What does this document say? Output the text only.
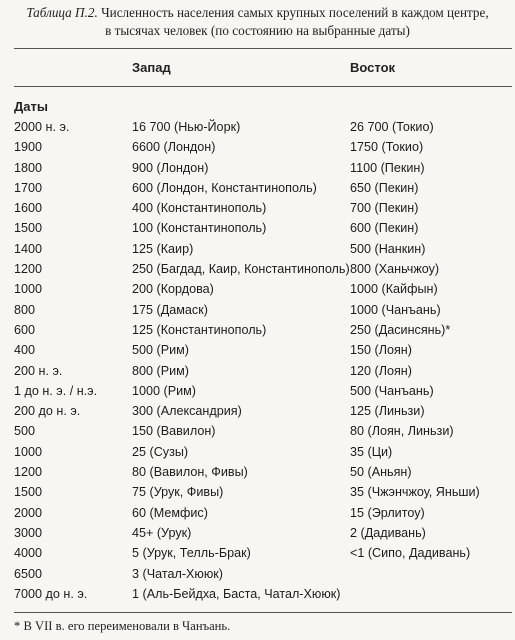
Таблица П.2. Численность населения самых крупных поселений в каждом центре,
в тысячах человек (по состоянию на выбранные даты)
Запад	Восток
Даты
2000 н. э.	16 700 (Нью-Йорк)	26 700 (Токио)
1900	6600 (Лондон)	1750 (Токио)
1800	900 (Лондон)	1100 (Пекин)
1700	600 (Лондон, Константинополь)	650 (Пекин)
1600	400 (Константинополь)	700 (Пекин)
1500	100 (Константинополь)	600 (Пекин)
1400	125 (Каир)	500 (Нанкин)
1200	250 (Багдад, Каир, Константинополь) 800 (Ханьчжоу)
1000	200 (Кордова)	1000 (Кайфын)
800	175 (Дамаск)	1000 (Чанъань)
600	125 (Константинополь)	250 (Дасинсянь)*
400	500 (Рим)	150 (Лоян)
200 н. э.	800 (Рим)	120 (Лоян)
1 до н. э. / н.э.	1000 (Рим)	500 (Чанъань)
200 до н. э.	300 (Александрия)	125 (Линьзи)
500	150 (Вавилон)	80 (Лоян, Линьзи)
1000	25 (Сузы)	35 (Ци)
1200	80 (Вавилон, Фивы)	50 (Аньян)
1500	75 (Урук, Фивы)	35 (Чжэнчжоу, Яньши)
2000	60 (Мемфис)	15 (Эрлитоу)
3000	45+ (Урук)	2 (Дадивань)
4000	5 (Урук, Телль-Брак)	<1 (Сипо, Дадивань)
6500	3 (Чатал-Хююк)
7000 до н. э.	1 (Аль-Бейдха, Баста, Чатал-Хююк)
* В VII в. его переименовали в Чанъань.
